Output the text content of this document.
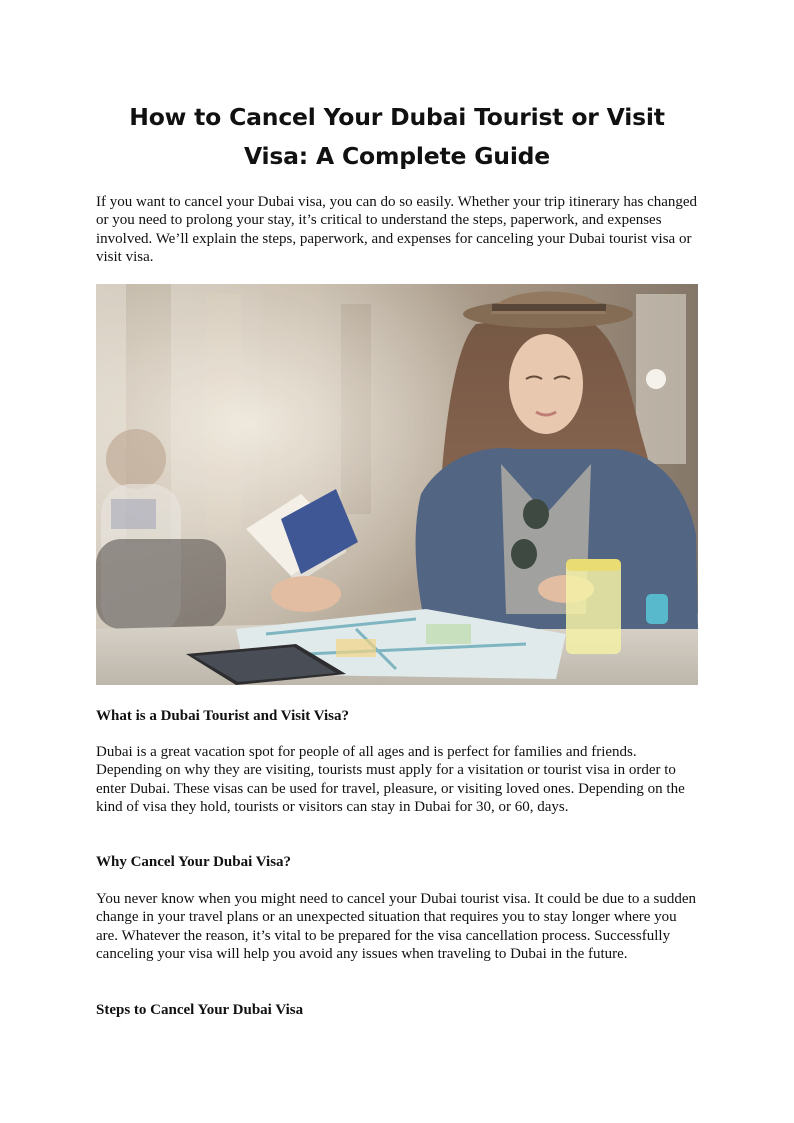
How to Cancel Your Dubai Tourist or Visit Visa: A Complete Guide

If you want to cancel your Dubai visa, you can do so easily. Whether your trip itinerary has changed or you need to prolong your stay, it’s critical to understand the steps, paperwork, and expenses involved. We’ll explain the steps, paperwork, and expenses for canceling your Dubai tourist visa or visit visa.

What is a Dubai Tourist and Visit Visa?

Dubai is a great vacation spot for people of all ages and is perfect for families and friends. Depending on why they are visiting, tourists must apply for a visitation or tourist visa in order to enter Dubai. These visas can be used for travel, pleasure, or visiting loved ones. Depending on the kind of visa they hold, tourists or visitors can stay in Dubai for 30, or 60, days.

Why Cancel Your Dubai Visa?

You never know when you might need to cancel your Dubai tourist visa. It could be due to a sudden change in your travel plans or an unexpected situation that requires you to stay longer where you are. Whatever the reason, it’s vital to be prepared for the visa cancellation process. Successfully canceling your visa will help you avoid any issues when traveling to Dubai in the future.

Steps to Cancel Your Dubai Visa
